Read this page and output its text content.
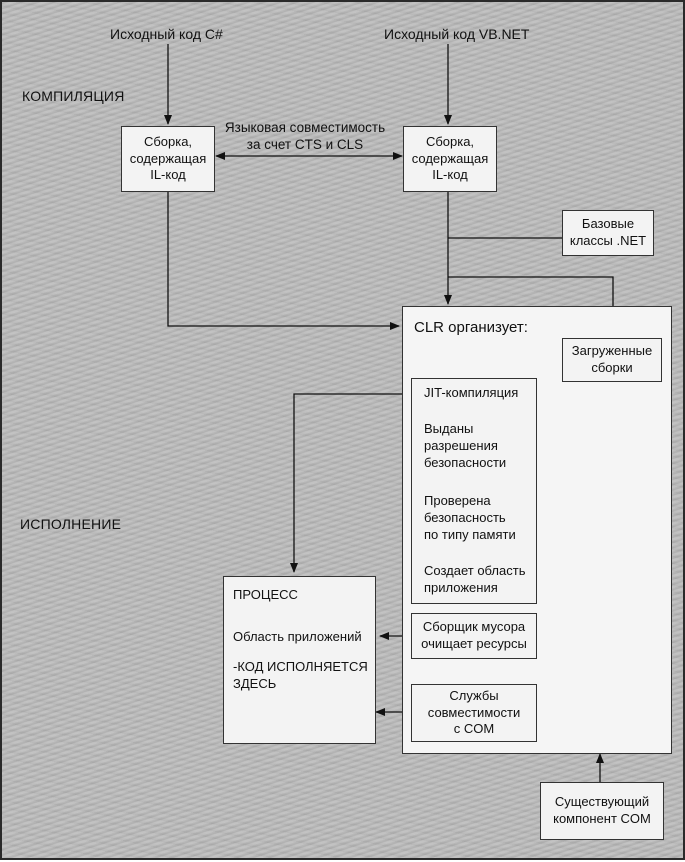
Исходный код C#	Исходный код VB.NET
КОМПИЛЯЦИЯ
ИСПОЛНЕНИЕ
Сборка,
содержащая
IL-код
Сборка,
содержащая
IL-код
Языковая совместимость
за счет CTS и CLS
Базовые
классы .NET
CLR организует:
Загруженные
сборки
JIT-компиляция
Выданы
разрешения
безопасности
Проверена
безопасность
по типу памяти
Создает область
приложения
Сборщик мусора
очищает ресурсы
Службы
совместимости
с COM
ПРОЦЕСС
Область приложений
-КОД ИСПОЛНЯЕТСЯ
ЗДЕСЬ
Существующий
компонент COM
